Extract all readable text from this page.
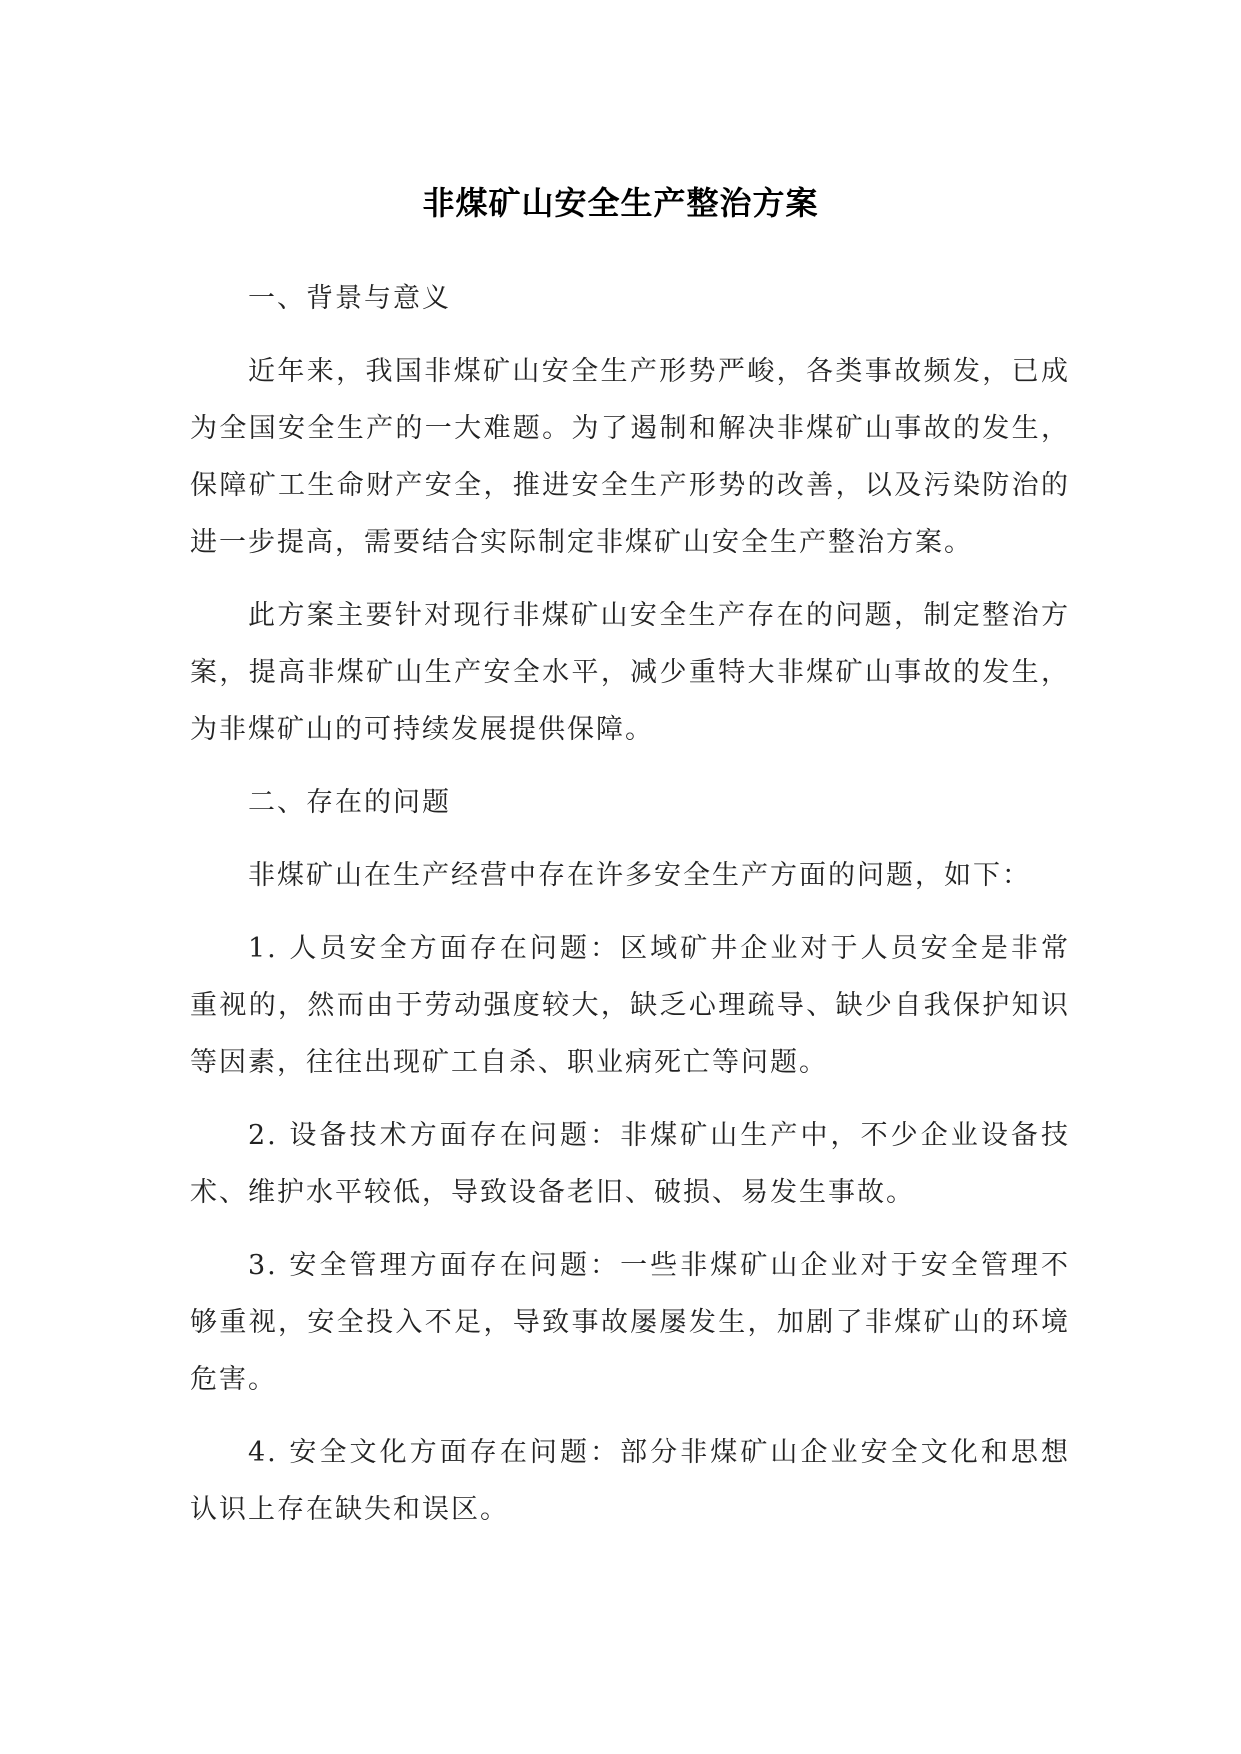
非煤矿山安全生产整治方案

一、背景与意义

近年来，我国非煤矿山安全生产形势严峻，各类事故频发，已成为全国安全生产的一大难题。为了遏制和解决非煤矿山事故的发生，保障矿工生命财产安全，推进安全生产形势的改善，以及污染防治的进一步提高，需要结合实际制定非煤矿山安全生产整治方案。

此方案主要针对现行非煤矿山安全生产存在的问题，制定整治方案，提高非煤矿山生产安全水平，减少重特大非煤矿山事故的发生，为非煤矿山的可持续发展提供保障。

二、存在的问题

非煤矿山在生产经营中存在许多安全生产方面的问题，如下：

1. 人员安全方面存在问题：区域矿井企业对于人员安全是非常重视的，然而由于劳动强度较大，缺乏心理疏导、缺少自我保护知识等因素，往往出现矿工自杀、职业病死亡等问题。

2. 设备技术方面存在问题：非煤矿山生产中，不少企业设备技术、维护水平较低，导致设备老旧、破损、易发生事故。

3. 安全管理方面存在问题：一些非煤矿山企业对于安全管理不够重视，安全投入不足，导致事故屡屡发生，加剧了非煤矿山的环境危害。

4. 安全文化方面存在问题：部分非煤矿山企业安全文化和思想认识上存在缺失和误区。
